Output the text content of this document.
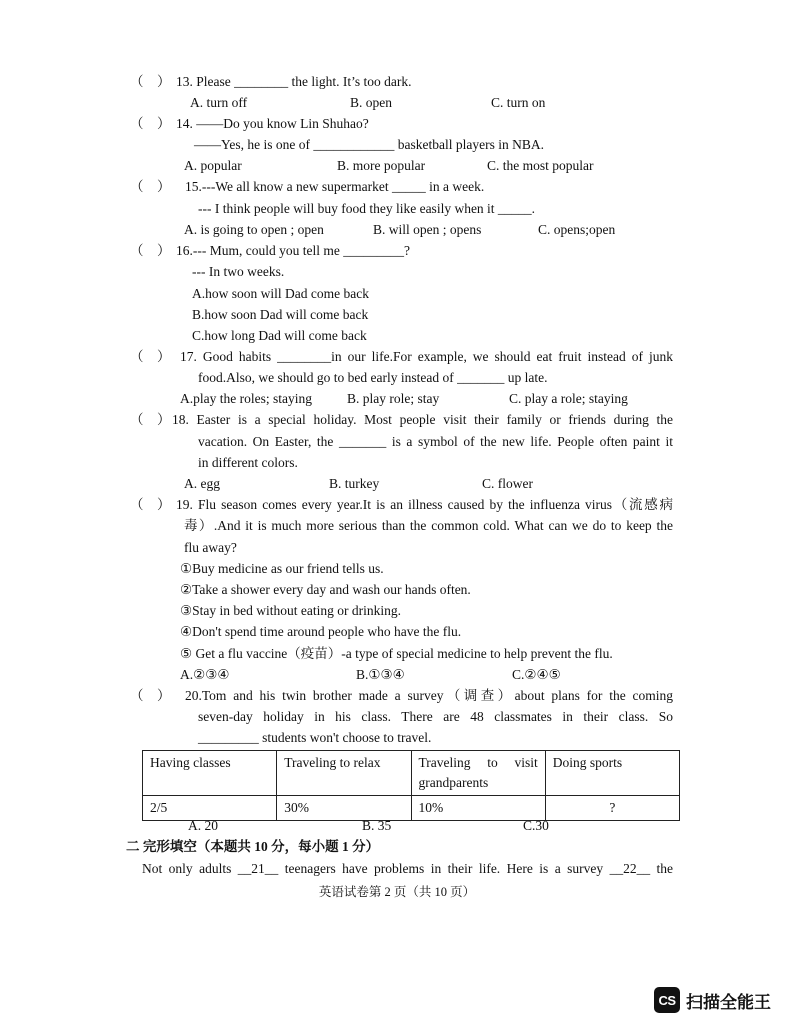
（    ） 13. Please ________ the light. It’s too dark.
A. turn off	B. open	C. turn on
（    ） 14. ——Do you know Lin Shuhao?
——Yes, he is one of ____________ basketball players in NBA.
A. popular	B. more popular	C. the most popular
（    ） 15.---We all know a new supermarket _____ in a week.
--- I think people will buy food they like easily when it _____.
A. is going to open ; open	B. will open ; opens	C. opens;open
（    ） 16.--- Mum, could you tell me _________?
--- In two weeks.
A.how soon will Dad come back
B.how soon Dad will come back
C.how long Dad will come back
（    ） 17. Good habits ________in our life.For example, we should eat fruit instead of junk
food.Also, we should go to bed early instead of _______ up late.
A.play the roles; staying	B. play role; stay	C. play a role; staying
（    ） 18. Easter is a special holiday. Most people visit their family or friends during the
vacation. On Easter, the _______ is a symbol of the new life. People often paint it
in different colors.
A. egg	B. turkey	C. flower
（    ） 19. Flu season comes every year.It is an illness caused by the influenza virus（流感病
毒）.And it is much more serious than the common cold. What can we do to keep the
flu away?
①Buy medicine as our friend tells us.
②Take a shower every day and wash our hands often.
③Stay in bed without eating or drinking.
④Don't spend time around people who have the flu.
⑤ Get a flu vaccine（疫苗）-a type of special medicine to help prevent the flu.
A.②③④	B.①③④	C.②④⑤
（    ） 20.Tom and his twin brother made a survey（调查）about plans for the coming
seven-day holiday in his class. There are 48 classmates in their class. So
_________ students won't choose to travel.
Having classes	Traveling to relax	Traveling to visit grandparents	Doing sports
2/5	30%	10%	?
A. 20	B. 35	C.30
二 完形填空（本题共 10 分，每小题 1 分）
Not only adults __21__ teenagers have problems in their life. Here is a survey __22__ the
英语试卷第 2 页（共 10 页）
CS 扫描全能王
